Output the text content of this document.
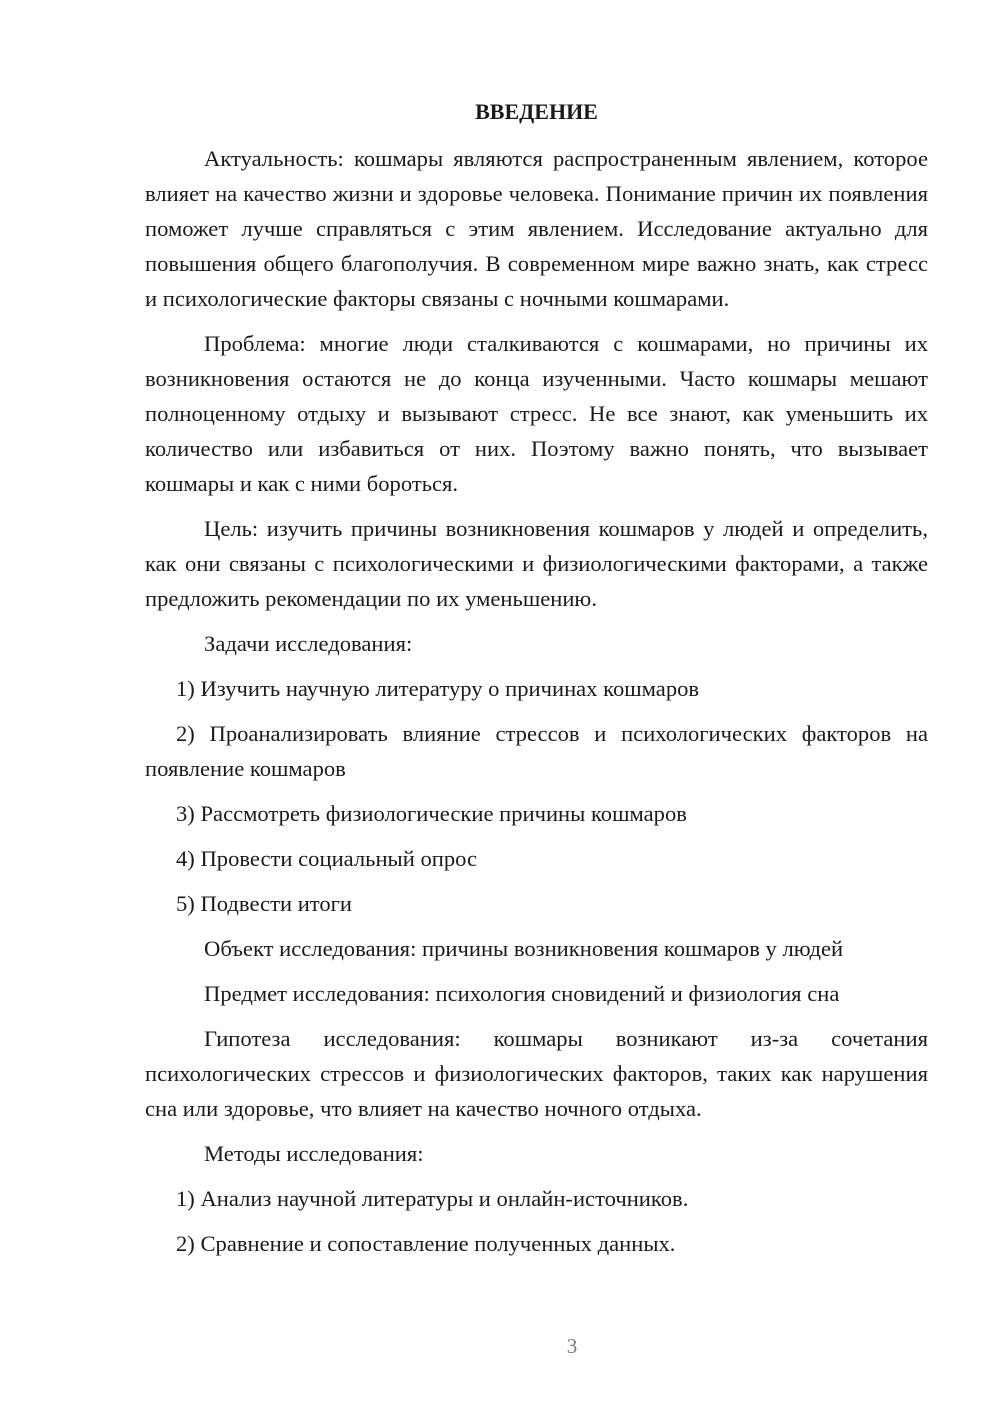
ВВЕДЕНИЕ

Актуальность: кошмары являются распространенным явлением, которое влияет на качество жизни и здоровье человека. Понимание причин их появления поможет лучше справляться с этим явлением. Исследование актуально для повышения общего благополучия. В современном мире важно знать, как стресс и психологические факторы связаны с ночными кошмарами.

Проблема: многие люди сталкиваются с кошмарами, но причины их возникновения остаются не до конца изученными. Часто кошмары мешают полноценному отдыху и вызывают стресс. Не все знают, как уменьшить их количество или избавиться от них. Поэтому важно понять, что вызывает кошмары и как с ними бороться.

Цель: изучить причины возникновения кошмаров у людей и определить, как они связаны с психологическими и физиологическими факторами, а также предложить рекомендации по их уменьшению.

Задачи исследования:

1) Изучить научную литературу о причинах кошмаров

2) Проанализировать влияние стрессов и психологических факторов на появление кошмаров

3) Рассмотреть физиологические причины кошмаров

4) Провести социальный опрос

5) Подвести итоги

Объект исследования: причины возникновения кошмаров у людей

Предмет исследования: психология сновидений и физиология сна

Гипотеза исследования: кошмары возникают из-за сочетания психологических стрессов и физиологических факторов, таких как нарушения сна или здоровье, что влияет на качество ночного отдыха.

Методы исследования:

1) Анализ научной литературы и онлайн-источников.

2) Сравнение и сопоставление полученных данных.

3
